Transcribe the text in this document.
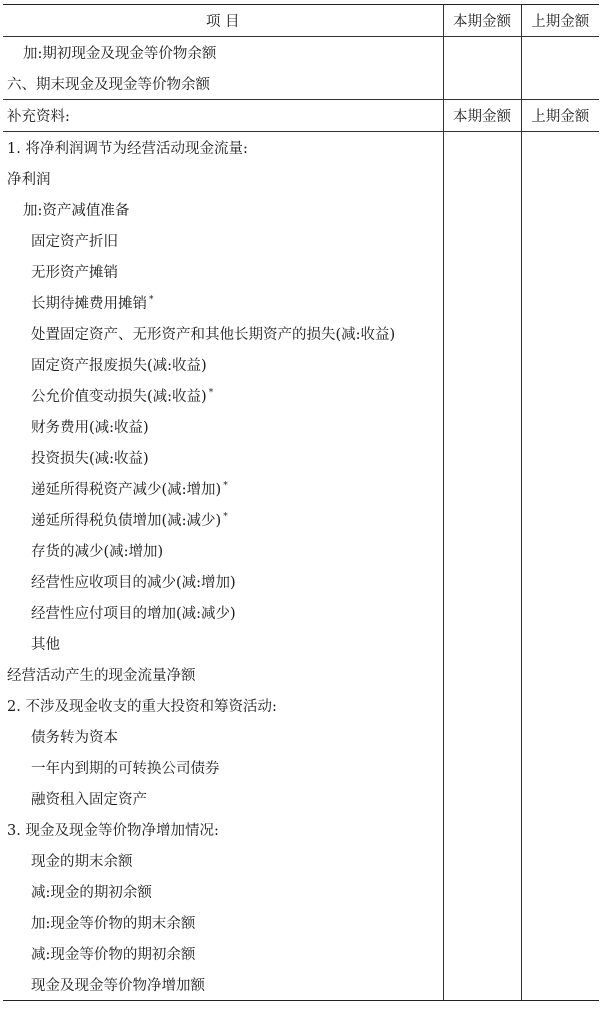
项 目	本期金额	上期金额
加:期初现金及现金等价物余额		
六、期末现金及现金等价物余额		
补充资料:	本期金额	上期金额
1. 将净利润调节为经营活动现金流量:		
净利润		
加:资产减值准备		
固定资产折旧		
无形资产摊销		
长期待摊费用摊销 *		
处置固定资产、无形资产和其他长期资产的损失(减:收益)		
固定资产报废损失(减:收益)		
公允价值变动损失(减:收益) *		
财务费用(减:收益)		
投资损失(减:收益)		
递延所得税资产减少(减:增加) *		
递延所得税负债增加(减:减少) *		
存货的减少(减:增加)		
经营性应收项目的减少(减:增加)		
经营性应付项目的增加(减:减少)		
其他		
经营活动产生的现金流量净额		
2. 不涉及现金收支的重大投资和筹资活动:		
债务转为资本		
一年内到期的可转换公司债券		
融资租入固定资产		
3. 现金及现金等价物净增加情况:		
现金的期末余额		
减:现金的期初余额		
加:现金等价物的期末余额		
减:现金等价物的期初余额		
现金及现金等价物净增加额		
